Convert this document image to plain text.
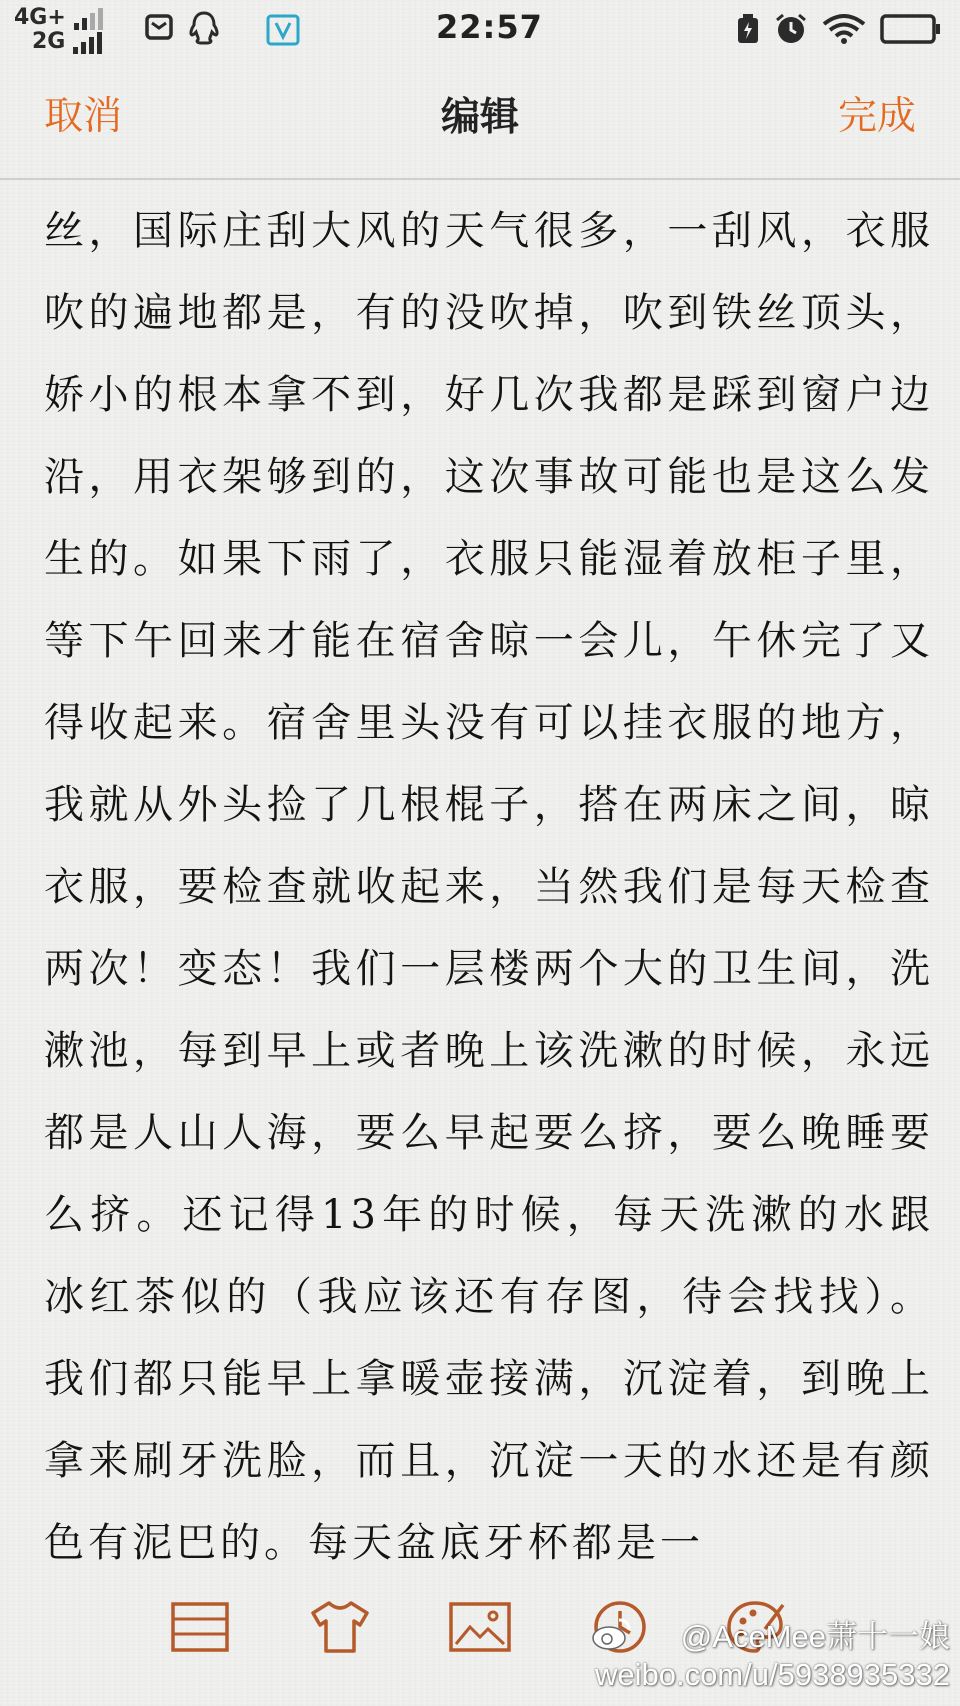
4G+
2G	22:57
取消	编辑	完成
丝，国际庄刮大风的天气很多，一刮风，衣服吹的遍地都是，有的没吹掉，吹到铁丝顶头，娇小的根本拿不到，好几次我都是踩到窗户边沿，用衣架够到的，这次事故可能也是这么发生的。如果下雨了，衣服只能湿着放柜子里，等下午回来才能在宿舍晾一会儿，午休完了又得收起来。宿舍里头没有可以挂衣服的地方，我就从外头捡了几根棍子，搭在两床之间，晾衣服，要检查就收起来，当然我们是每天检查两次！变态！我们一层楼两个大的卫生间，洗漱池，每到早上或者晚上该洗漱的时候，永远都是人山人海，要么早起要么挤，要么晚睡要么挤。还记得13年的时候，每天洗漱的水跟冰红茶似的（我应该还有存图，待会找找）。我们都只能早上拿暖壶接满，沉淀着，到晚上拿来刷牙洗脸，而且，沉淀一天的水还是有颜色有泥巴的。每天盆底牙杯都是一
@AceMee萧十一娘
weibo.com/u/5938935332
